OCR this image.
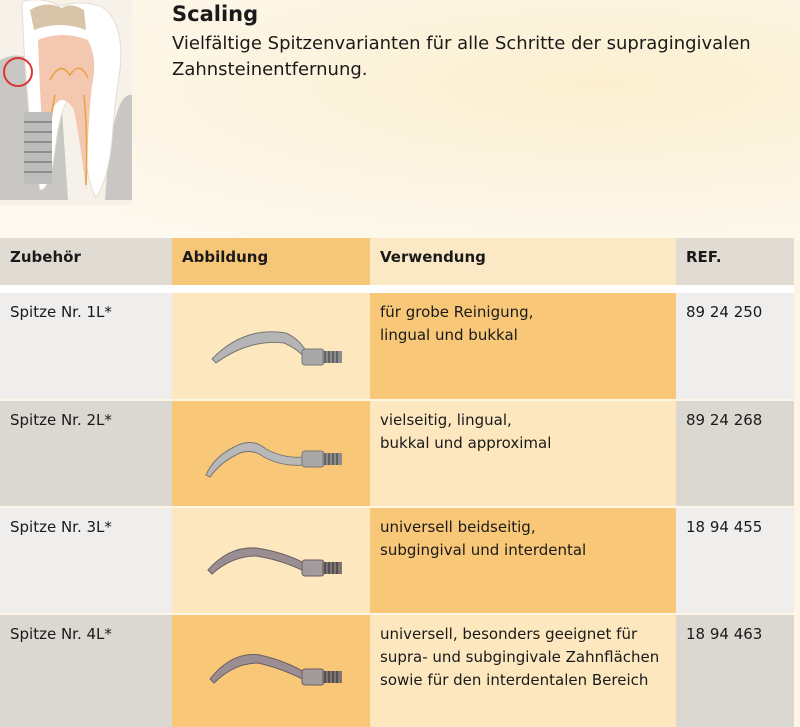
Scaling
Vielfältige Spitzenvarianten für alle Schritte der supragingivalen
Zahnsteinentfernung.
Zubehör	Abbildung	Verwendung	REF.

Spitze Nr. 1L*		für grobe Reinigung,
lingual und bukkal	89 24 250
Spitze Nr. 2L*		vielseitig, lingual,
bukkal und approximal	89 24 268
Spitze Nr. 3L*		universell beidseitig,
subgingival und interdental	18 94 455
Spitze Nr. 4L*		universell, besonders geeignet für
supra- und subgingivale Zahnflächen
sowie für den interdentalen Bereich	18 94 463
